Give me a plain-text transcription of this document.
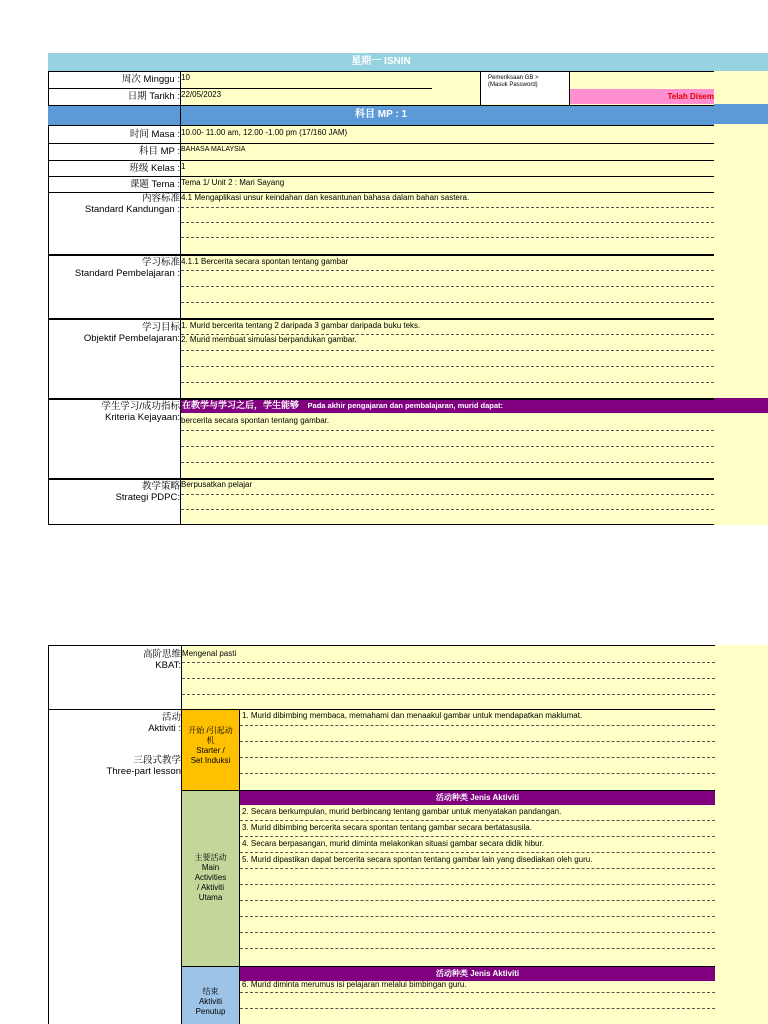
星期一 ISNIN
周次 Minggu : 10
日期 Tarikh : 22/05/2023
Pemeriksaan GB >
(Masuk Password)
Telah Disem
科目 MP : 1
时间 Masa : 10.00- 11.00 am, 12.00 -1.00 pm (17/160 JAM)
科目 MP : BAHASA MALAYSIA
班级 Kelas : 1
课题 Tema : Tema 1/ Unit 2 : Mari Sayang
内容标准
Standard Kandungan :
4.1 Mengaplikasi unsur keindahan dan kesantunan bahasa dalam bahan sastera.
学习标准
Standard Pembelajaran :
4.1.1 Bercerita secara spontan tentang gambar
学习目标
Objektif Pembelajaran:
1. Murid bercerita tentang 2 daripada 3 gambar daripada buku teks.
2. Murid membuat simulasi berpandukan gambar.
学生学习/成功指标
Kriteria Kejayaan:
在教学与学习之后，学生能够 Pada akhir pengajaran dan pembalajaran, murid dapat:
bercerita secara spontan tentang gambar.
教学策略
Strategi PDPC:
Berpusatkan pelajar
高阶思维
KBAT:
Mengenal pasti
活动
Aktiviti :
三段式教学
Three-part lesson
开始 /引起动
机
Starter /
Set Induksi
1. Murid dibimbing membaca, memahami dan menaakul gambar untuk mendapatkan maklumat.
主要活动
Main
Activities
/ Aktiviti
Utama
活动种类 Jenis Aktiviti
2. Secara berkumpulan, murid berbincang tentang gambar untuk menyatakan pandangan.
3. Murid dibimbing bercerita secara spontan tentang gambar secara bertatasusila.
4. Secara berpasangan, murid diminta melakonkan situasi gambar secara didik hibur.
5. Murid dipastikan dapat bercerita secara spontan tentang gambar lain yang disediakan oleh guru.
结束
Aktiviti
Penutup
活动种类 Jenis Aktiviti
6. Murid diminta merumus isi pelajaran melalui bimbingan guru.
